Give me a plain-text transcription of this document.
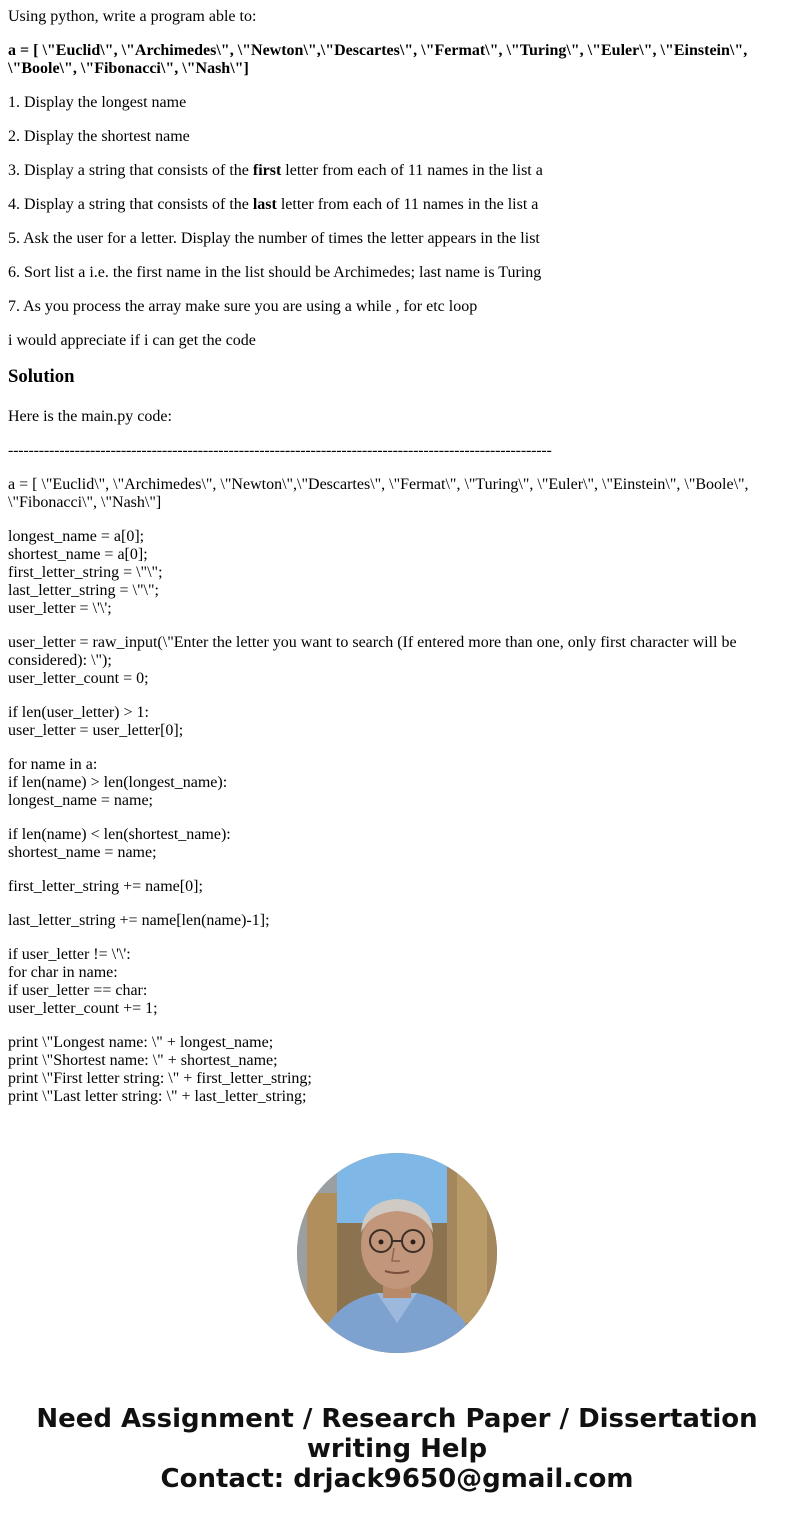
Using python, write a program able to:

a = [ \"Euclid\", \"Archimedes\", \"Newton\",\"Descartes\", \"Fermat\", \"Turing\", \"Euler\", \"Einstein\",
\"Boole\", \"Fibonacci\", \"Nash\"]

1. Display the longest name

2. Display the shortest name

3. Display a string that consists of the first letter from each of 11 names in the list a

4. Display a string that consists of the last letter from each of 11 names in the list a

5. Ask the user for a letter. Display the number of times the letter appears in the list

6. Sort list a i.e. the first name in the list should be Archimedes; last name is Turing

7. As you process the array make sure you are using a while , for etc loop

i would appreciate if i can get the code

Solution

Here is the main.py code:

----------------------------------------------------------------------------------------------------------

a = [ \"Euclid\", \"Archimedes\", \"Newton\",\"Descartes\", \"Fermat\", \"Turing\", \"Euler\", \"Einstein\", \"Boole\",
\"Fibonacci\", \"Nash\"]

longest_name = a[0];
shortest_name = a[0];
first_letter_string = \"\";
last_letter_string = \"\";
user_letter = \'\';

user_letter = raw_input(\"Enter the letter you want to search (If entered more than one, only first character will be
considered): \");
user_letter_count = 0;

if len(user_letter) > 1:
user_letter = user_letter[0];

for name in a:
if len(name) > len(longest_name):
longest_name = name;

if len(name) < len(shortest_name):
shortest_name = name;

first_letter_string += name[0];

last_letter_string += name[len(name)-1];

if user_letter != \'\':
for char in name:
if user_letter == char:
user_letter_count += 1;

print \"Longest name: \" + longest_name;
print \"Shortest name: \" + shortest_name;
print \"First letter string: \" + first_letter_string;
print \"Last letter string: \" + last_letter_string;

Need Assignment / Research Paper / Dissertation
writing Help
Contact: drjack9650@gmail.com
